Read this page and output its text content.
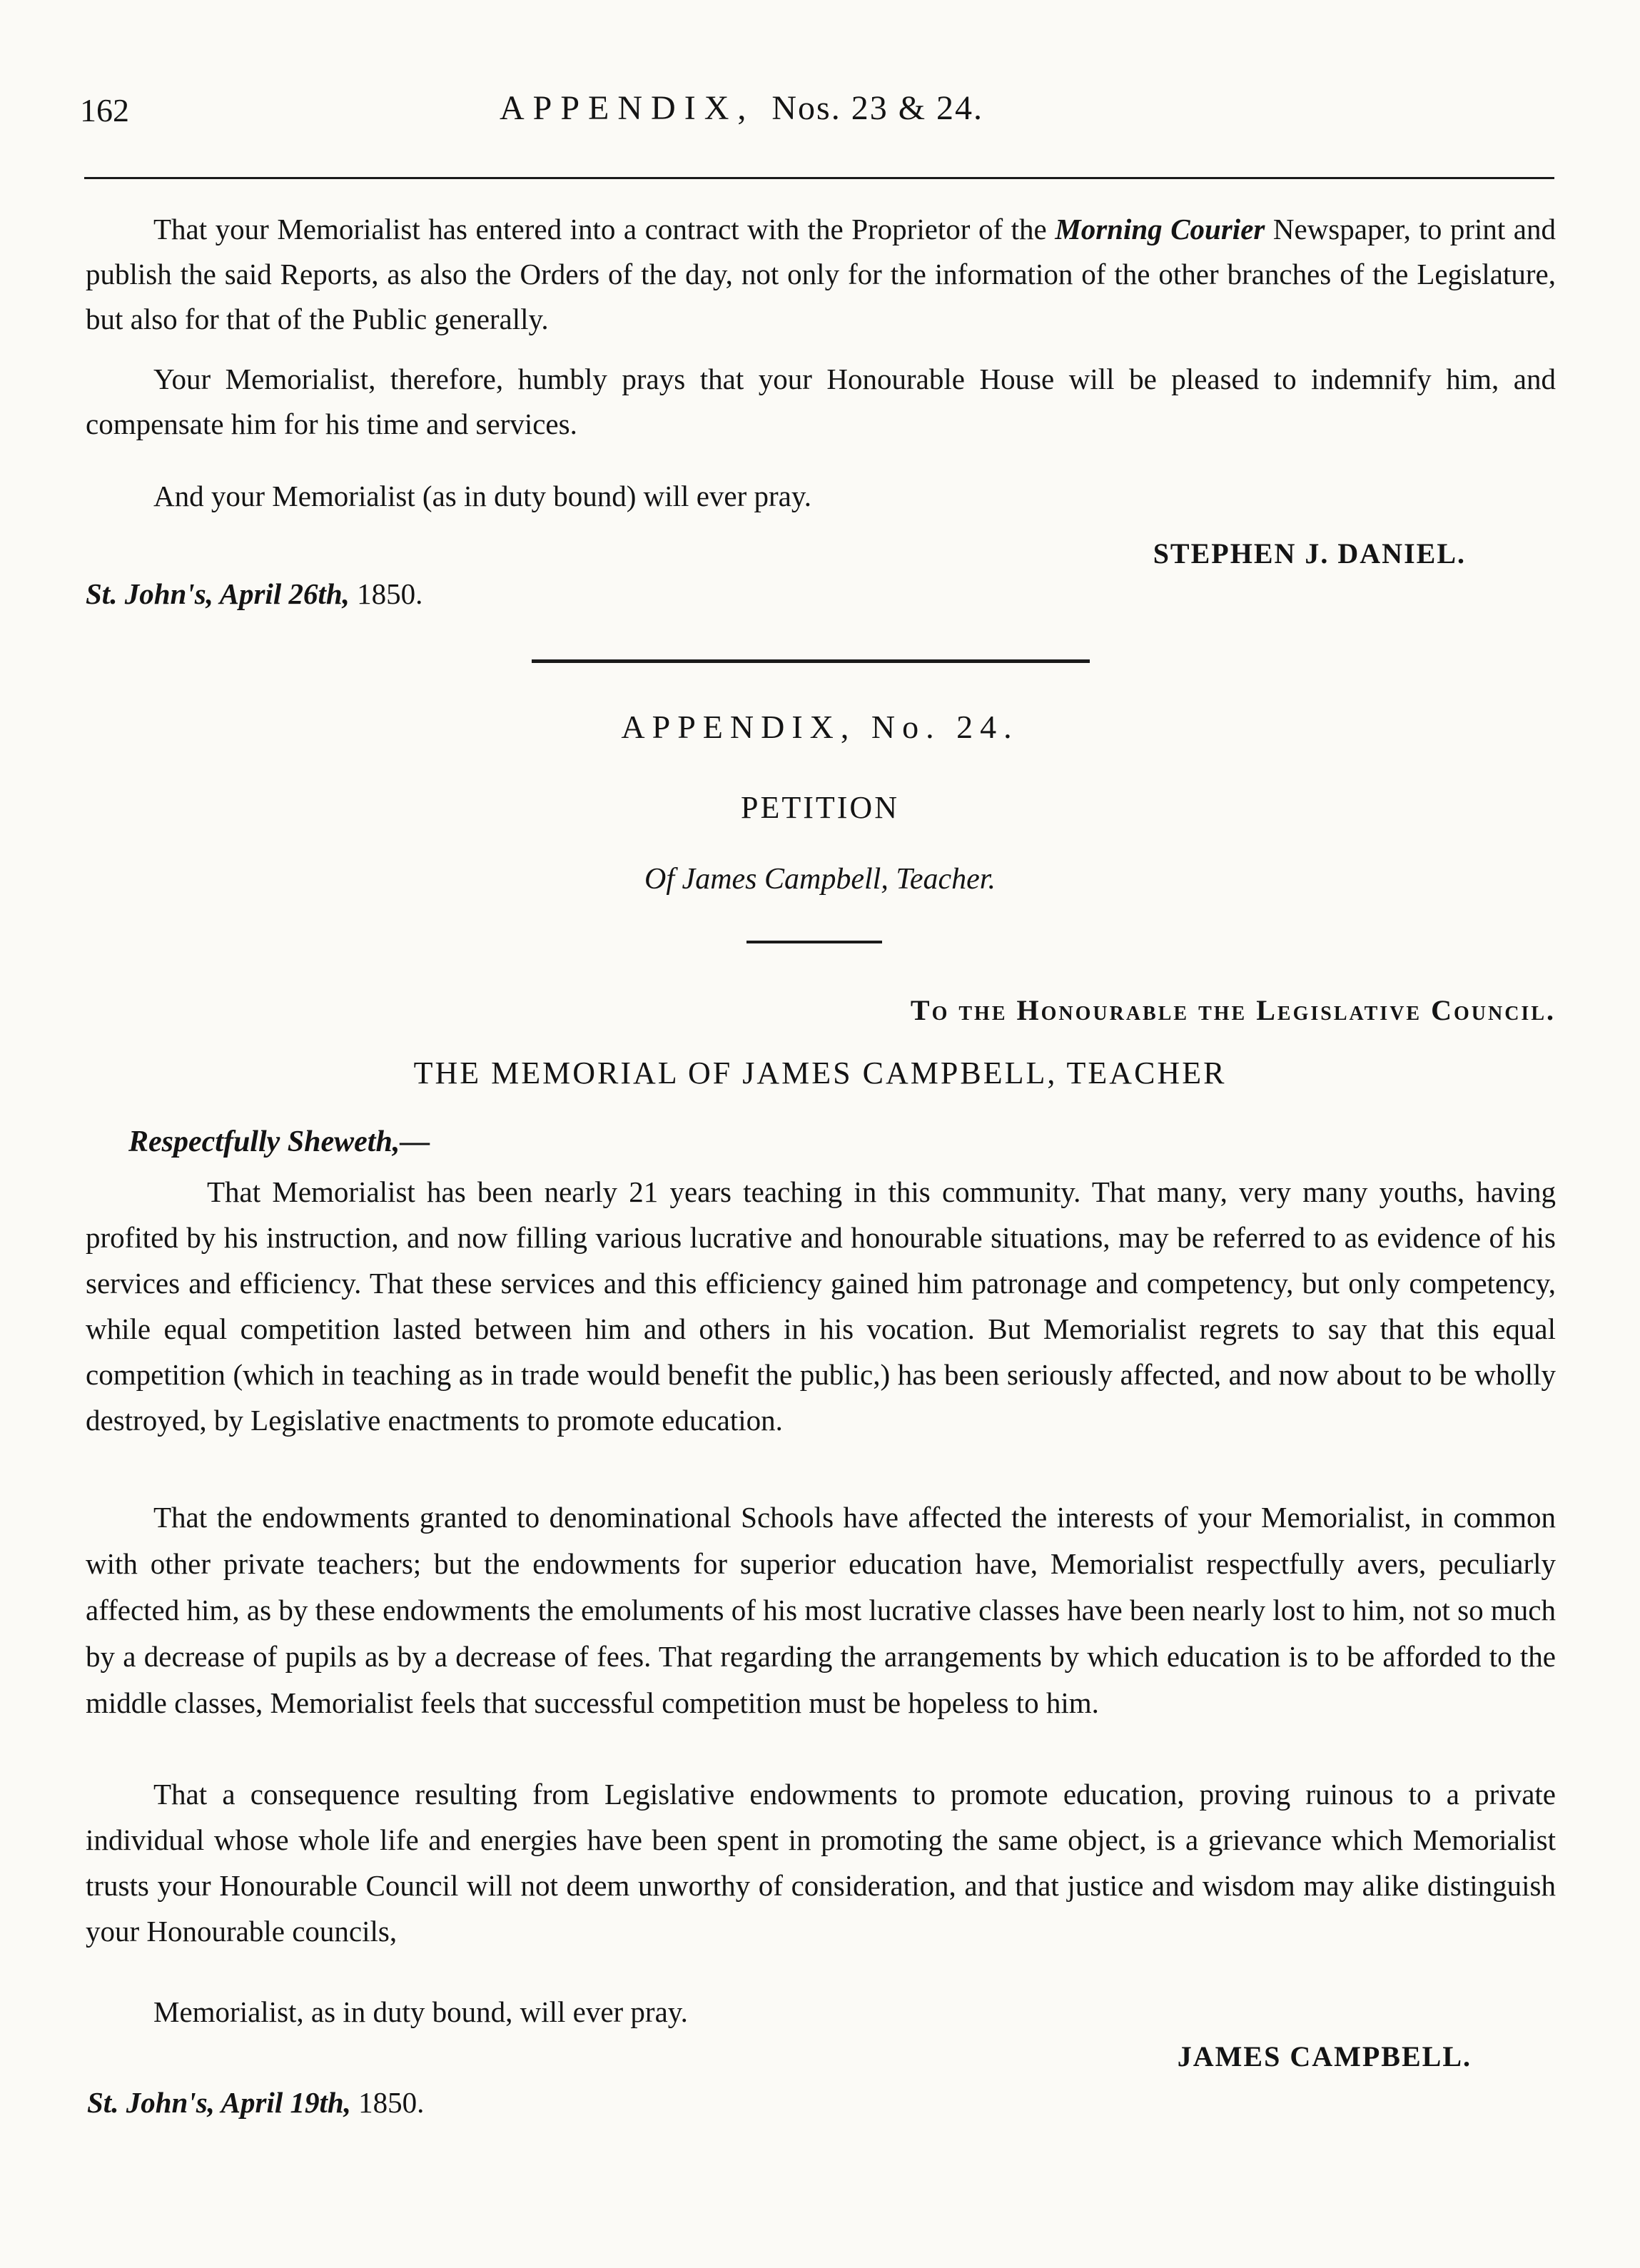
162	APPENDIX, Nos. 23 & 24.

That your Memorialist has entered into a contract with the Proprietor of the Morning Courier Newspaper, to print and publish the said Reports, as also the Orders of the day, not only for the information of the other branches of the Legislature, but also for that of the Public generally.

Your Memorialist, therefore, humbly prays that your Honourable House will be pleased to indemnify him, and compensate him for his time and services.

And your Memorialist (as in duty bound) will ever pray.

STEPHEN J. DANIEL.
St. John's, April 26th, 1850.
APPENDIX, No. 24.
PETITION
Of James Campbell, Teacher.
To the Honourable the Legislative Council.
THE MEMORIAL OF JAMES CAMPBELL, TEACHER
Respectfully Sheweth,—

That Memorialist has been nearly 21 years teaching in this community. That many, very many youths, having profited by his instruction, and now filling various lucrative and honourable situations, may be referred to as evidence of his services and efficiency. That these services and this efficiency gained him patronage and competency, but only competency, while equal competition lasted between him and others in his vocation. But Memorialist regrets to say that this equal competition (which in teaching as in trade would benefit the public,) has been seriously affected, and now about to be wholly destroyed, by Legislative enactments to promote education.

That the endowments granted to denominational Schools have affected the interests of your Memorialist, in common with other private teachers; but the endowments for superior education have, Memorialist respectfully avers, peculiarly affected him, as by these endowments the emoluments of his most lucrative classes have been nearly lost to him, not so much by a decrease of pupils as by a decrease of fees. That regarding the arrangements by which education is to be afforded to the middle classes, Memorialist feels that successful competition must be hopeless to him.

That a consequence resulting from Legislative endowments to promote education, proving ruinous to a private individual whose whole life and energies have been spent in promoting the same object, is a grievance which Memorialist trusts your Honourable Council will not deem unworthy of consideration, and that justice and wisdom may alike distinguish your Honourable councils,

Memorialist, as in duty bound, will ever pray.

JAMES CAMPBELL.
St. John's, April 19th, 1850.
